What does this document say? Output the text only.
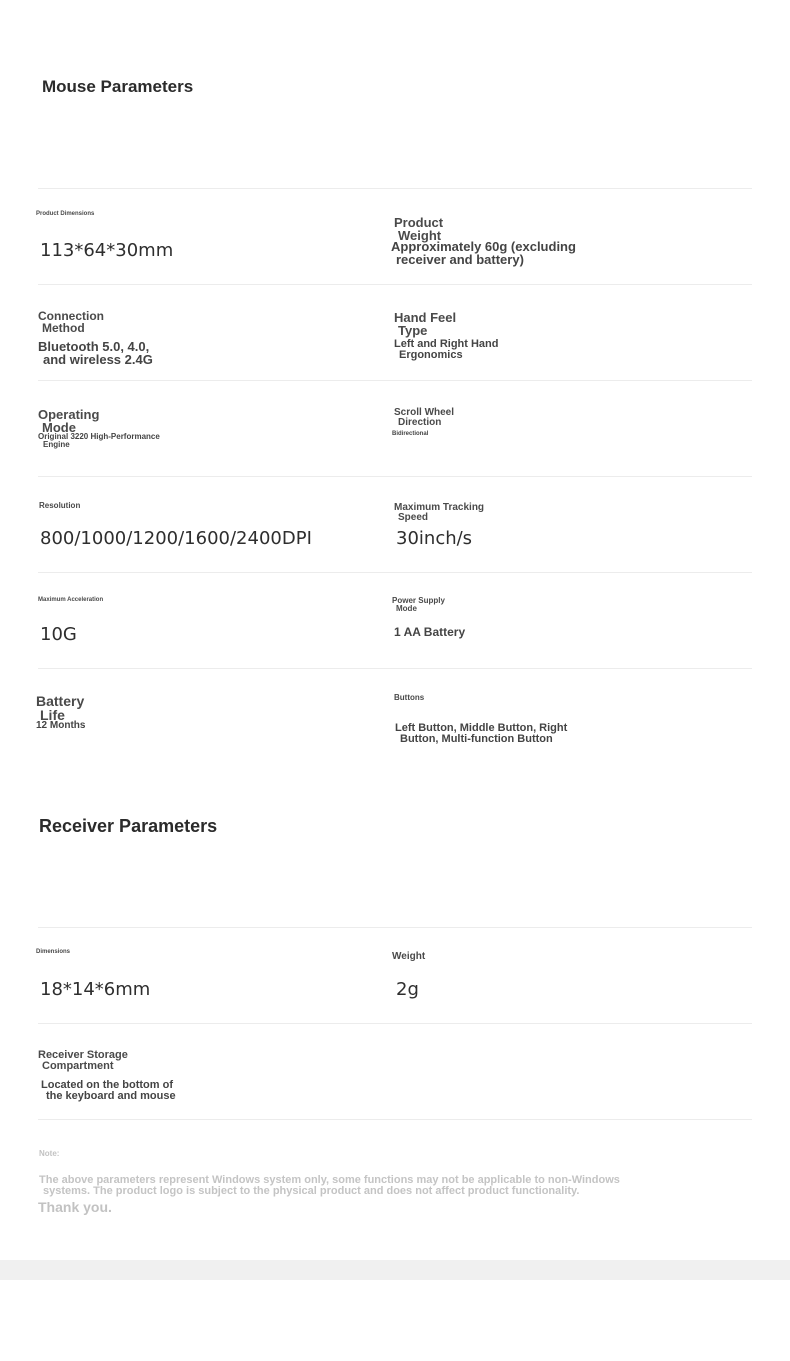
Mouse Parameters
Product Dimensions
113*64*30mm
Product
Weight
Approximately 60g (excluding
receiver and battery)
Connection
Method
Bluetooth 5.0, 4.0,
and wireless 2.4G
Hand Feel
Type
Left and Right Hand
Ergonomics
Operating
Mode
Original 3220 High-Performance
Engine
Scroll Wheel
Direction
Bidirectional
Resolution
800/1000/1200/1600/2400DPI
Maximum Tracking
Speed
30inch/s
Maximum Acceleration
10G
Power Supply
Mode
1 AA Battery
Battery
Life
12 Months
Buttons
Left Button, Middle Button, Right
Button, Multi-function Button
Receiver Parameters
Dimensions
18*14*6mm
Weight
2g
Receiver Storage
Compartment
Located on the bottom of
the keyboard and mouse
Note:
The above parameters represent Windows system only, some functions may not be applicable to non-Windows
systems. The product logo is subject to the physical product and does not affect product functionality.
Thank you.
